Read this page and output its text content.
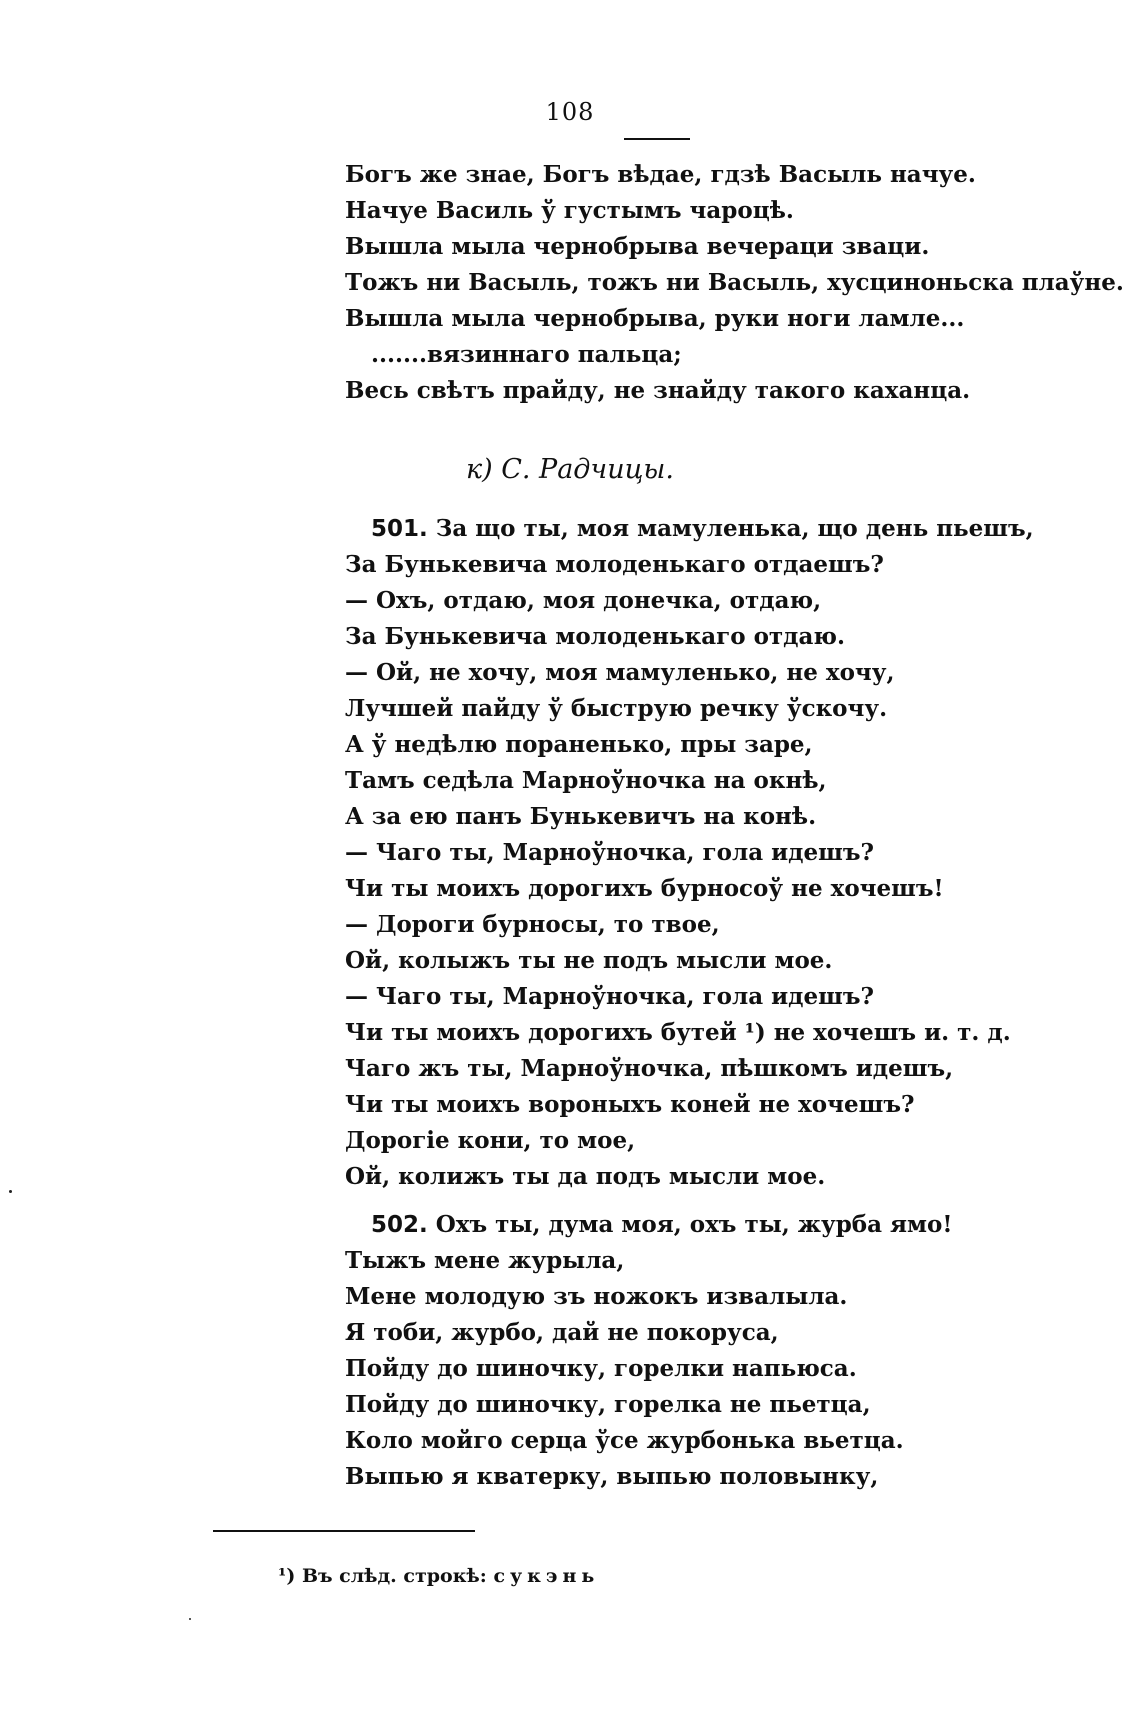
108
Богъ же знае, Богъ вѣдае, гдзѣ Васыль начуе.
Начуе Василь ў густымъ чароцѣ.
Вышла мыла чернобрыва вечераци зваци.
Тожъ ни Васыль, тожъ ни Васыль, хусциноньска плаўне.
Вышла мыла чернобрыва, руки ноги ламле...
.......вязиннаго пальца;
Весь свѣтъ прайду, не знайду такого каханца.
501. За що ты, моя мамуленька, що день пьешъ,
За Бунькевича молоденькаго отдаешъ?
— Охъ, отдаю, моя донечка, отдаю,
За Бунькевича молоденькаго отдаю.
— Ой, не хочу, моя мамуленько, не хочу,
Лучшей пайду ў быструю речку ўскочу.
А ў недѣлю пораненько, пры заре,
Тамъ седѣла Марноўночка на окнѣ,
А за ею панъ Бунькевичъ на конѣ.
— Чаго ты, Марноўночка, гола идешъ?
Чи ты моихъ дорогихъ бурносоў не хочешъ!
— Дороги бурносы, то твое,
Ой, колыжъ ты не подъ мысли мое.
— Чаго ты, Марноўночка, гола идешъ?
Чи ты моихъ дорогихъ бутей ¹) не хочешъ и. т. д.
Чаго жъ ты, Марноўночка, пѣшкомъ идешъ,
Чи ты моихъ вороныхъ коней не хочешъ?
Дорогіе кони, то мое,
Ой, колижъ ты да подъ мысли мое.
502. Охъ ты, дума моя, охъ ты, журба ямо!
Тыжъ мене журыла,
Мене молодую зъ ножокъ извалыла.
Я тоби, журбо, дай не покоруса,
Пойду до шиночку, горелки напьюса.
Пойду до шиночку, горелка не пьетца,
Коло мойго серца ўсе журбонька вьетца.
Выпью я кватерку, выпью половынку,
к) С. Радчицы.
¹) Въ слѣд. строкѣ: сукэнь
